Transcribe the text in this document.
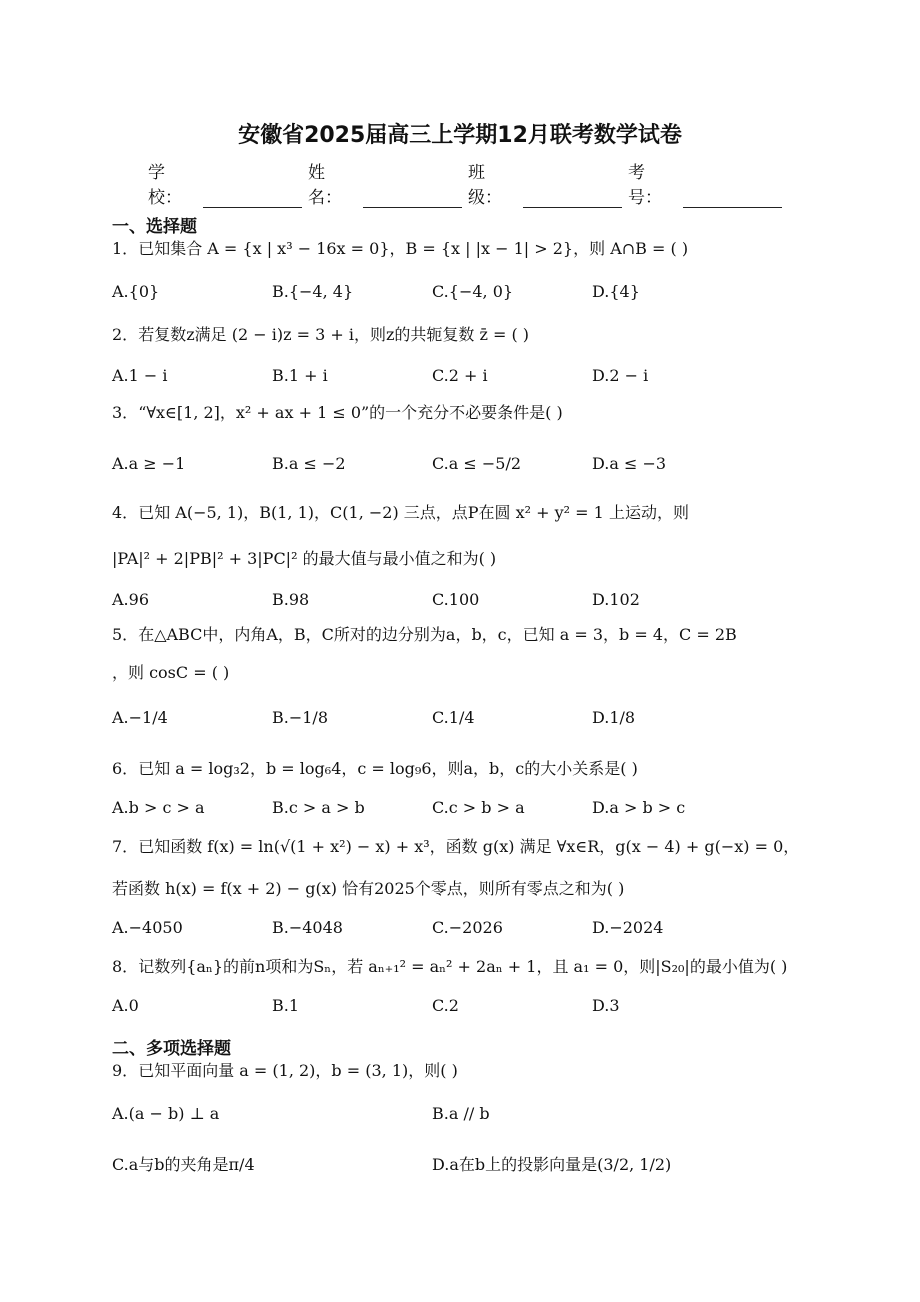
安徽省2025届高三上学期12月联考数学试卷
学校：
姓名：
班级：
考号：
一、选择题
1．已知集合 A = {x | x³ − 16x = 0}，B = {x | |x − 1| > 2}，则 A∩B = ( )
A.{0}	B.{−4, 4}	C.{−4, 0}	D.{4}
2．若复数z满足 (2 − i)z = 3 + i，则z的共轭复数 z̄ = ( )
A.1 − i	B.1 + i	C.2 + i	D.2 − i
3．“∀x∈[1, 2]，x² + ax + 1 ≤ 0”的一个充分不必要条件是( )
A.a ≥ −1	B.a ≤ −2	C.a ≤ −5/2	D.a ≤ −3
4．已知 A(−5, 1)，B(1, 1)，C(1, −2) 三点，点P在圆 x² + y² = 1 上运动，则
|PA|² + 2|PB|² + 3|PC|² 的最大值与最小值之和为( )
A.96	B.98	C.100	D.102
5．在△ABC中，内角A，B，C所对的边分别为a，b，c，已知 a = 3，b = 4，C = 2B
，则 cosC = ( )
A.−1/4	B.−1/8	C.1/4	D.1/8
6．已知 a = log₃2，b = log₆4，c = log₉6，则a，b，c的大小关系是( )
A.b > c > a	B.c > a > b	C.c > b > a	D.a > b > c
7．已知函数 f(x) = ln(√(1 + x²) − x) + x³，函数 g(x) 满足 ∀x∈R，g(x − 4) + g(−x) = 0，
若函数 h(x) = f(x + 2) − g(x) 恰有2025个零点，则所有零点之和为( )
A.−4050	B.−4048	C.−2026	D.−2024
8．记数列{aₙ}的前n项和为Sₙ，若 aₙ₊₁² = aₙ² + 2aₙ + 1，且 a₁ = 0，则|S₂₀|的最小值为( )
A.0	B.1	C.2	D.3
二、多项选择题
9．已知平面向量 a = (1, 2)，b = (3, 1)，则( )
A.(a − b) ⊥ a	B.a // b
C.a与b的夹角是π/4	D.a在b上的投影向量是(3/2, 1/2)
